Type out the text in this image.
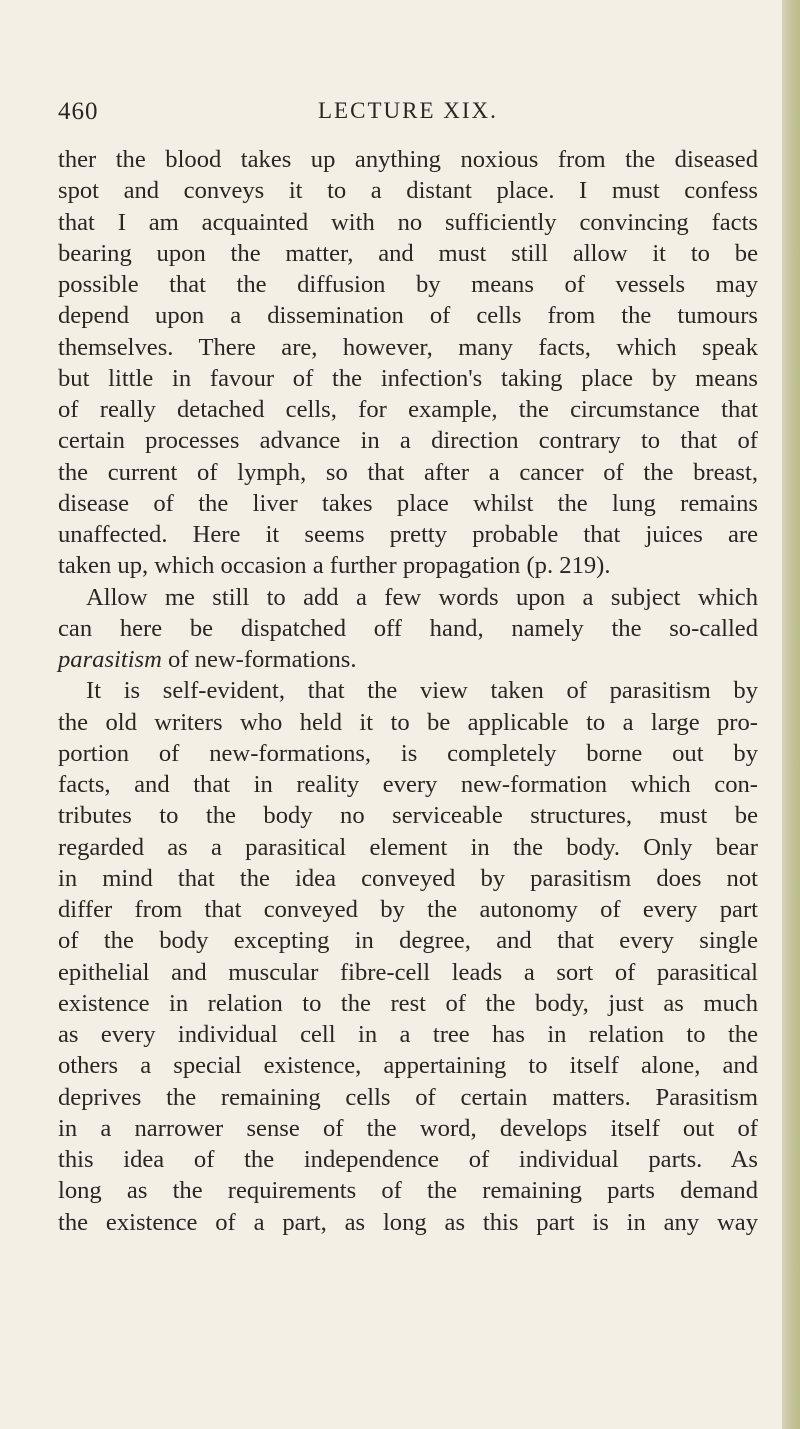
460	LECTURE XIX.
ther the blood takes up anything noxious from the diseased
spot and conveys it to a distant place. I must confess
that I am acquainted with no sufficiently convincing facts
bearing upon the matter, and must still allow it to be
possible that the diffusion by means of vessels may
depend upon a dissemination of cells from the tumours
themselves. There are, however, many facts, which speak
but little in favour of the infection's taking place by means
of really detached cells, for example, the circumstance that
certain processes advance in a direction contrary to that of
the current of lymph, so that after a cancer of the breast,
disease of the liver takes place whilst the lung remains
unaffected. Here it seems pretty probable that juices are
taken up, which occasion a further propagation (p. 219).
Allow me still to add a few words upon a subject which
can here be dispatched off hand, namely the so-called
parasitism of new-formations.
It is self-evident, that the view taken of parasitism by
the old writers who held it to be applicable to a large pro-
portion of new-formations, is completely borne out by
facts, and that in reality every new-formation which con-
tributes to the body no serviceable structures, must be
regarded as a parasitical element in the body. Only bear
in mind that the idea conveyed by parasitism does not
differ from that conveyed by the autonomy of every part
of the body excepting in degree, and that every single
epithelial and muscular fibre-cell leads a sort of parasitical
existence in relation to the rest of the body, just as much
as every individual cell in a tree has in relation to the
others a special existence, appertaining to itself alone, and
deprives the remaining cells of certain matters. Parasitism
in a narrower sense of the word, develops itself out of
this idea of the independence of individual parts. As
long as the requirements of the remaining parts demand
the existence of a part, as long as this part is in any way
